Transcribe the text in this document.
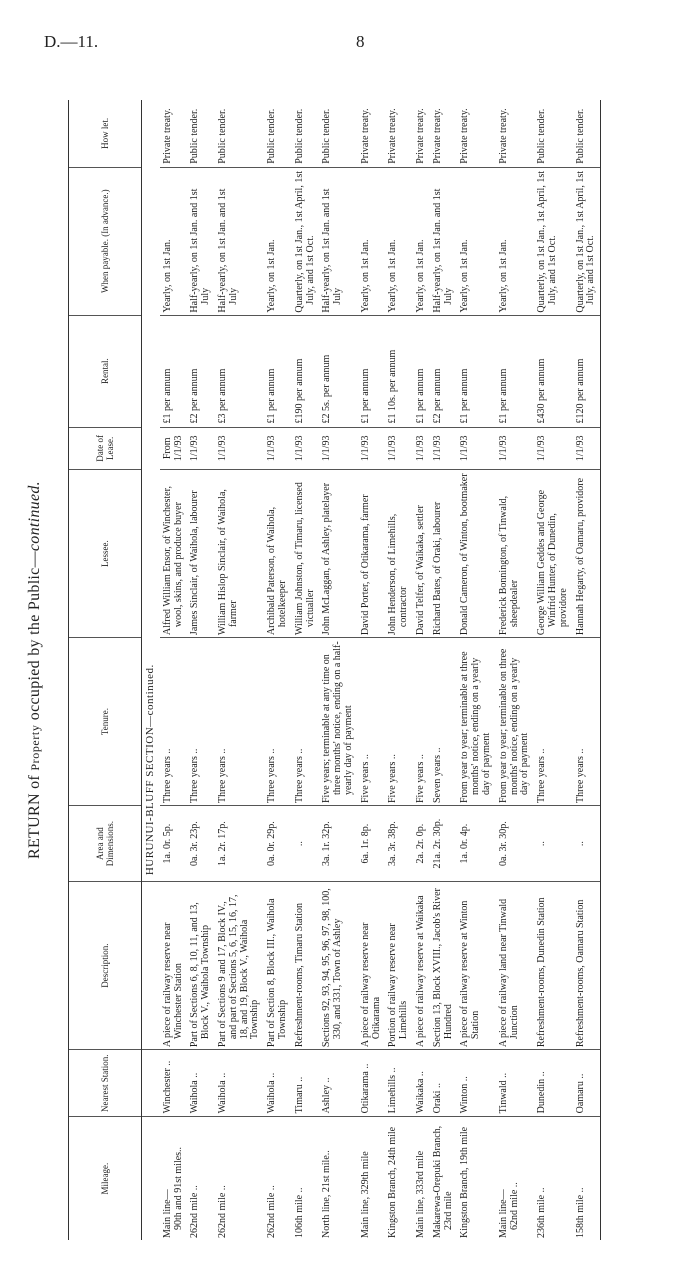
D.—11.	8
RETURN of Property occupied by the Public—continued.
Mileage.	Nearest Station.	Description.	Area and Dimensions.	Tenure.	Lessee.	Date of Lease.	Rental.	When payable. (In advance.)	How let.
			HURUNUI-BLUFF SECTION—continued.						
Main line—
90th and 91st miles..	Winchester ..	A piece of railway reserve near Winchester Station	1a. 0r. 5p.	Three years ..	Alfred William Ensor, of Winchester, wool, skins, and produce buyer	From 1/1/93	£1 per annum	Yearly, on 1st Jan.	Private treaty.
262nd mile ..	Waihola ..	Part of Sections 6, 8, 10, 11, and 13, Block V., Waihola Township	0a. 3r. 23p.	Three years ..	James Sinclair, of Waihola, labourer	1/1/93	£2 per annum	Half-yearly, on 1st Jan. and 1st July	Public tender.
262nd mile ..	Waihola ..	Part of Sections 9 and 17, Block IV., and part of Sections 5, 6, 15, 16, 17, 18, and 19, Block V., Waihola Township	1a. 2r. 17p.	Three years ..	William Hislop Sinclair, of Waihola, farmer	1/1/93	£3 per annum	Half-yearly, on 1st Jan. and 1st July	Public tender.
262nd mile ..	Waihola ..	Part of Section 8, Block III., Waihola Township	0a. 0r. 29p.	Three years ..	Archibald Paterson, of Waihola, hotelkeeper	1/1/93	£1 per annum	Yearly, on 1st Jan.	Public tender.
106th mile ..	Timaru ..	Refreshment-rooms, Timaru Station	..	Three years ..	William Johnston, of Timaru, licensed victualler	1/1/93	£190 per annum	Quarterly, on 1st Jan., 1st April, 1st July, and 1st Oct.	Public tender.
North line, 21st mile..	Ashley ..	Sections 92, 93, 94, 95, 96, 97, 98, 100, 330, and 331, Town of Ashley	3a. 1r. 32p.	Five years; terminable at any time on three months' notice, ending on a half-yearly day of payment	John McLaggan, of Ashley, platelayer	1/1/93	£2 5s. per annum	Half-yearly, on 1st Jan. and 1st July	Public tender.
Main line, 329th mile	Otikarama ..	A piece of railway reserve near Otikarama	6a. 1r. 8p.	Five years ..	David Porter, of Otikarama, farmer	1/1/93	£1 per annum	Yearly, on 1st Jan.	Private treaty.
Kingston Branch, 24th mile	Limehills ..	Portion of railway reserve near Limehills	3a. 3r. 38p.	Five years ..	John Henderson, of Limehills, contractor	1/1/93	£1 10s. per annum	Yearly, on 1st Jan.	Private treaty.
Main line, 333rd mile	Waikaka ..	A piece of railway reserve at Waikaka	2a. 2r. 0p.	Five years ..	David Telfer, of Waikaka, settler	1/1/93	£1 per annum	Yearly, on 1st Jan.	Private treaty.
Makarewa-Orepuki Branch, 23rd mile	Oraki ..	Section 13, Block XVIII., Jacob's River Hundred	21a. 2r. 30p.	Seven years ..	Richard Bates, of Oraki, labourer	1/1/93	£2 per annum	Half-yearly, on 1st Jan. and 1st July	Private treaty.
Kingston Branch, 19th mile	Winton ..	A piece of railway reserve at Winton Station	1a. 0r. 4p.	From year to year; terminable at three months' notice, ending on a yearly day of payment	Donald Cameron, of Winton, bootmaker	1/1/93	£1 per annum	Yearly, on 1st Jan.	Private treaty.
Main line—
62nd mile ..	Tinwald ..	A piece of railway land near Tinwald Junction	0a. 3r. 30p.	From year to year; terminable on three months' notice, ending on a yearly day of payment	Frederick Bonnington, of Tinwald, sheepdealer	1/1/93	£1 per annum	Yearly, on 1st Jan.	Private treaty.
236th mile ..	Dunedin ..	Refreshment-rooms, Dunedin Station	..	Three years ..	George William Geddes and George Winfrid Hunter, of Dunedin, providore	1/1/93	£430 per annum	Quarterly, on 1st Jan., 1st April, 1st July, and 1st Oct.	Public tender.
158th mile ..	Oamaru ..	Refreshment-rooms, Oamaru Station	..	Three years ..	Hannah Hegarty, of Oamaru, providore	1/1/93	£120 per annum	Quarterly, on 1st Jan., 1st April, 1st July, and 1st Oct.	Public tender.
